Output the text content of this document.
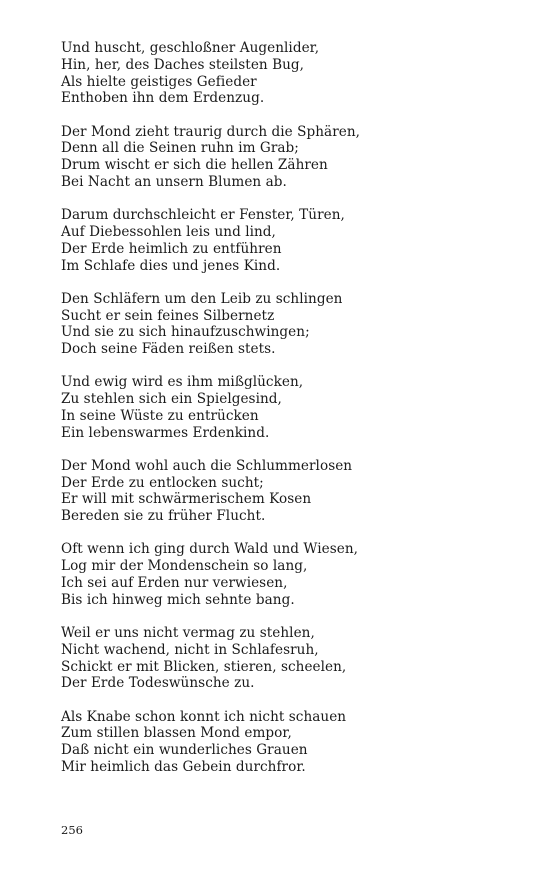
Und huscht, geschloßner Augenlider,
Hin, her, des Daches steilsten Bug,
Als hielte geistiges Gefieder
Enthoben ihn dem Erdenzug.
Der Mond zieht traurig durch die Sphären,
Denn all die Seinen ruhn im Grab;
Drum wischt er sich die hellen Zähren
Bei Nacht an unsern Blumen ab.
Darum durchschleicht er Fenster, Türen,
Auf Diebessohlen leis und lind,
Der Erde heimlich zu entführen
Im Schlafe dies und jenes Kind.
Den Schläfern um den Leib zu schlingen
Sucht er sein feines Silbernetz
Und sie zu sich hinaufzuschwingen;
Doch seine Fäden reißen stets.
Und ewig wird es ihm mißglücken,
Zu stehlen sich ein Spielgesind,
In seine Wüste zu entrücken
Ein lebenswarmes Erdenkind.
Der Mond wohl auch die Schlummerlosen
Der Erde zu entlocken sucht;
Er will mit schwärmerischem Kosen
Bereden sie zu früher Flucht.
Oft wenn ich ging durch Wald und Wiesen,
Log mir der Mondenschein so lang,
Ich sei auf Erden nur verwiesen,
Bis ich hinweg mich sehnte bang.
Weil er uns nicht vermag zu stehlen,
Nicht wachend, nicht in Schlafesruh,
Schickt er mit Blicken, stieren, scheelen,
Der Erde Todeswünsche zu.
Als Knabe schon konnt ich nicht schauen
Zum stillen blassen Mond empor,
Daß nicht ein wunderliches Grauen
Mir heimlich das Gebein durchfror.
256
